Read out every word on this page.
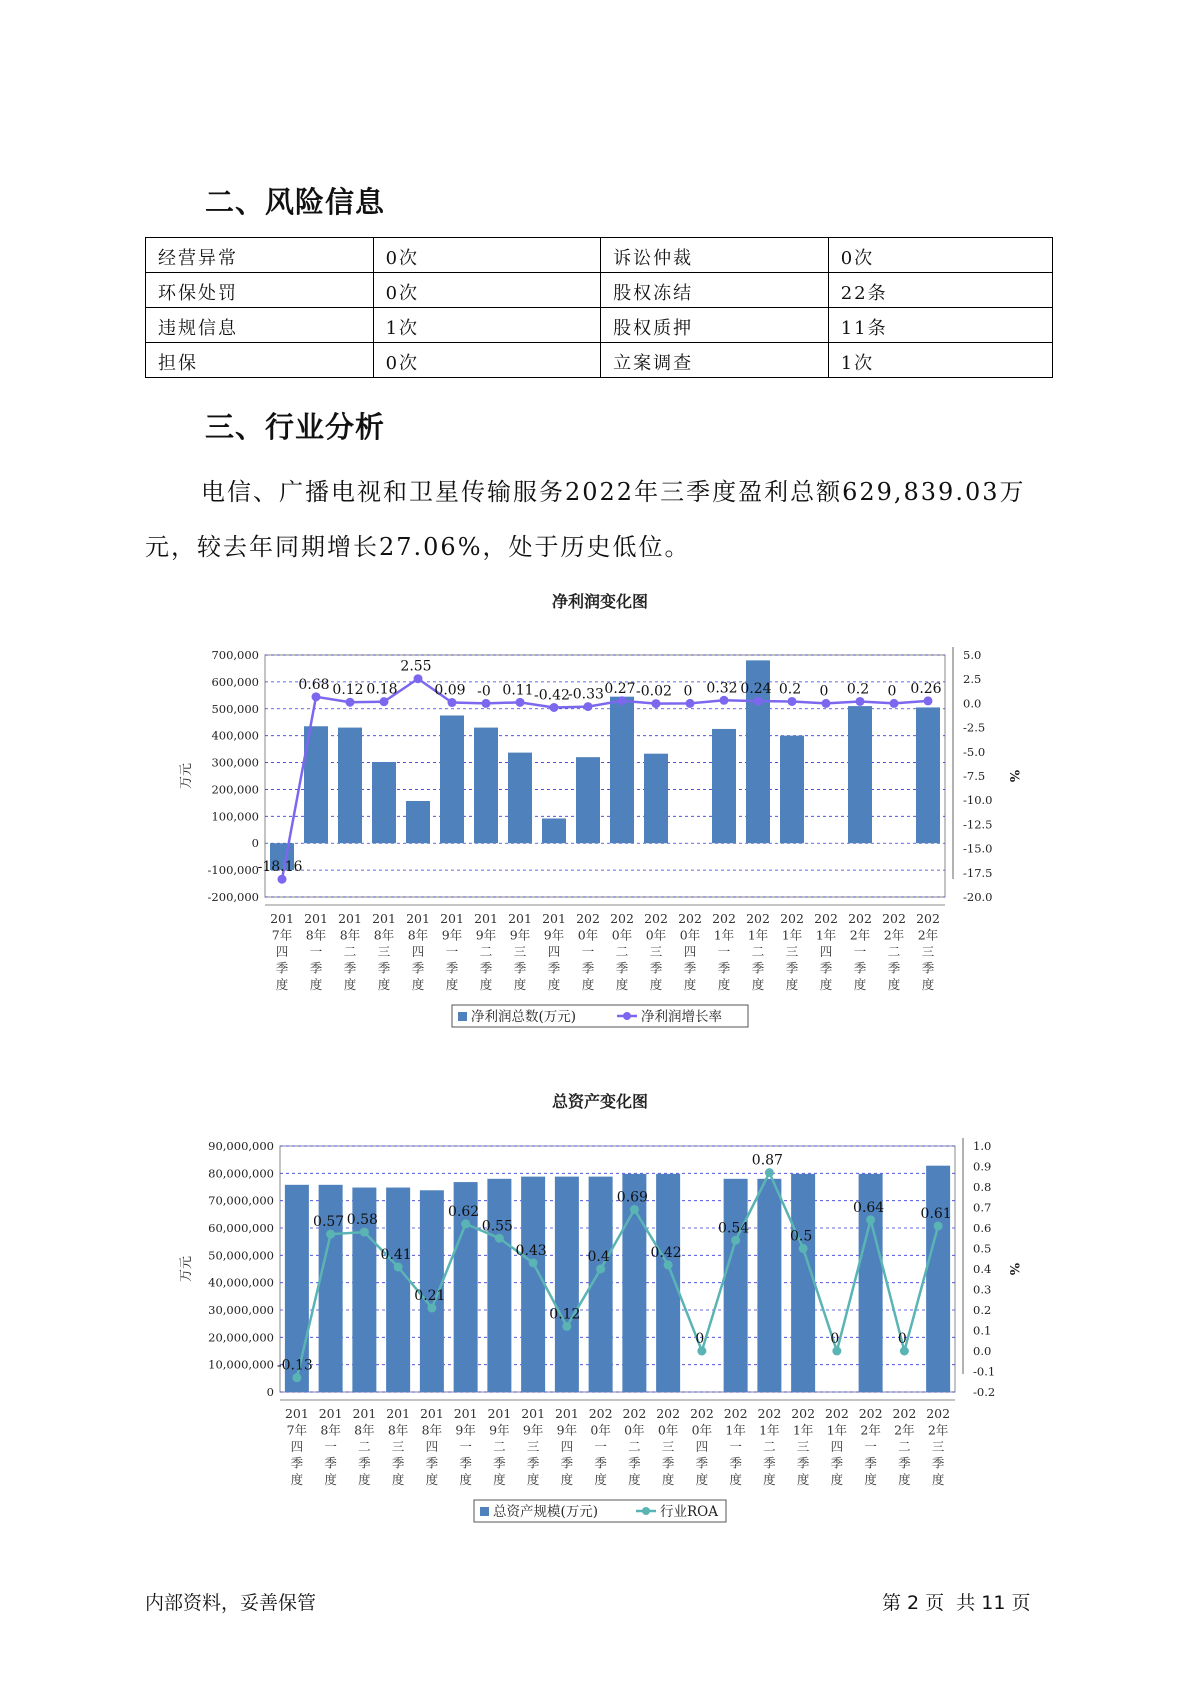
二、风险信息
经营异常	0次	诉讼仲裁	0次
环保处罚	0次	股权冻结	22条
违规信息	1次	股权质押	11条
担保	0次	立案调查	1次
三、行业分析
电信、广播电视和卫星传输服务2022年三季度盈利总额629,839.03万元，较去年同期增长27.06%，处于历史低位。
净利润变化图
700,000
600,000
500,000
400,000
300,000
200,000
100,000
0
-100,000
-200,000
5.0
2.5
0.0
-2.5
-5.0
-7.5
-10.0
-12.5
-15.0
-17.5
-20.0
万元	%
201 7年四季度
201 8年一季度
201 8年二季度
201 8年三季度
201 8年四季度
201 9年一季度
201 9年二季度
201 9年三季度
201 9年四季度
202 0年一季度
202 0年二季度
202 0年三季度
202 0年四季度
202 1年一季度
202 1年二季度
202 1年三季度
202 1年四季度
202 2年一季度
202 2年二季度
202 2年三季度
-18.16
0.68 0.12 0.18
2.55
0.09 -0 0.11 -0.42
-0.33 0.27 -0.02 0 0.32 0.24 0.2 0 0.2 0 0.26
净利润总数(万元)	净利润增长率
总资产变化图
90,000,000
80,000,000
70,000,000
60,000,000
50,000,000
40,000,000
30,000,000
20,000,000
10,000,000
0
1.0
0.9
0.8
0.7
0.6
0.5
0.4
0.3
0.2
0.1
0.0
-0.1
-0.2
万元	%
201 7年四季度
201 8年一季度
201 8年二季度
201 8年三季度
201 8年四季度
201 9年一季度
201 9年二季度
201 9年三季度
201 9年四季度
202 0年一季度
202 0年二季度
202 0年三季度
202 0年四季度
202 1年一季度
202 1年二季度
202 1年三季度
202 1年四季度
202 2年一季度
202 2年二季度
202 2年三季度
-0.13
0.57 0.58
0.41
0.21
0.62
0.55
0.43
0.12
0.4
0.69
0.42
0
0.54
0.87
0.5
0
0.64
0
0.61
总资产规模(万元)	行业ROA
内部资料，妥善保管	第 2 页  共 11 页
